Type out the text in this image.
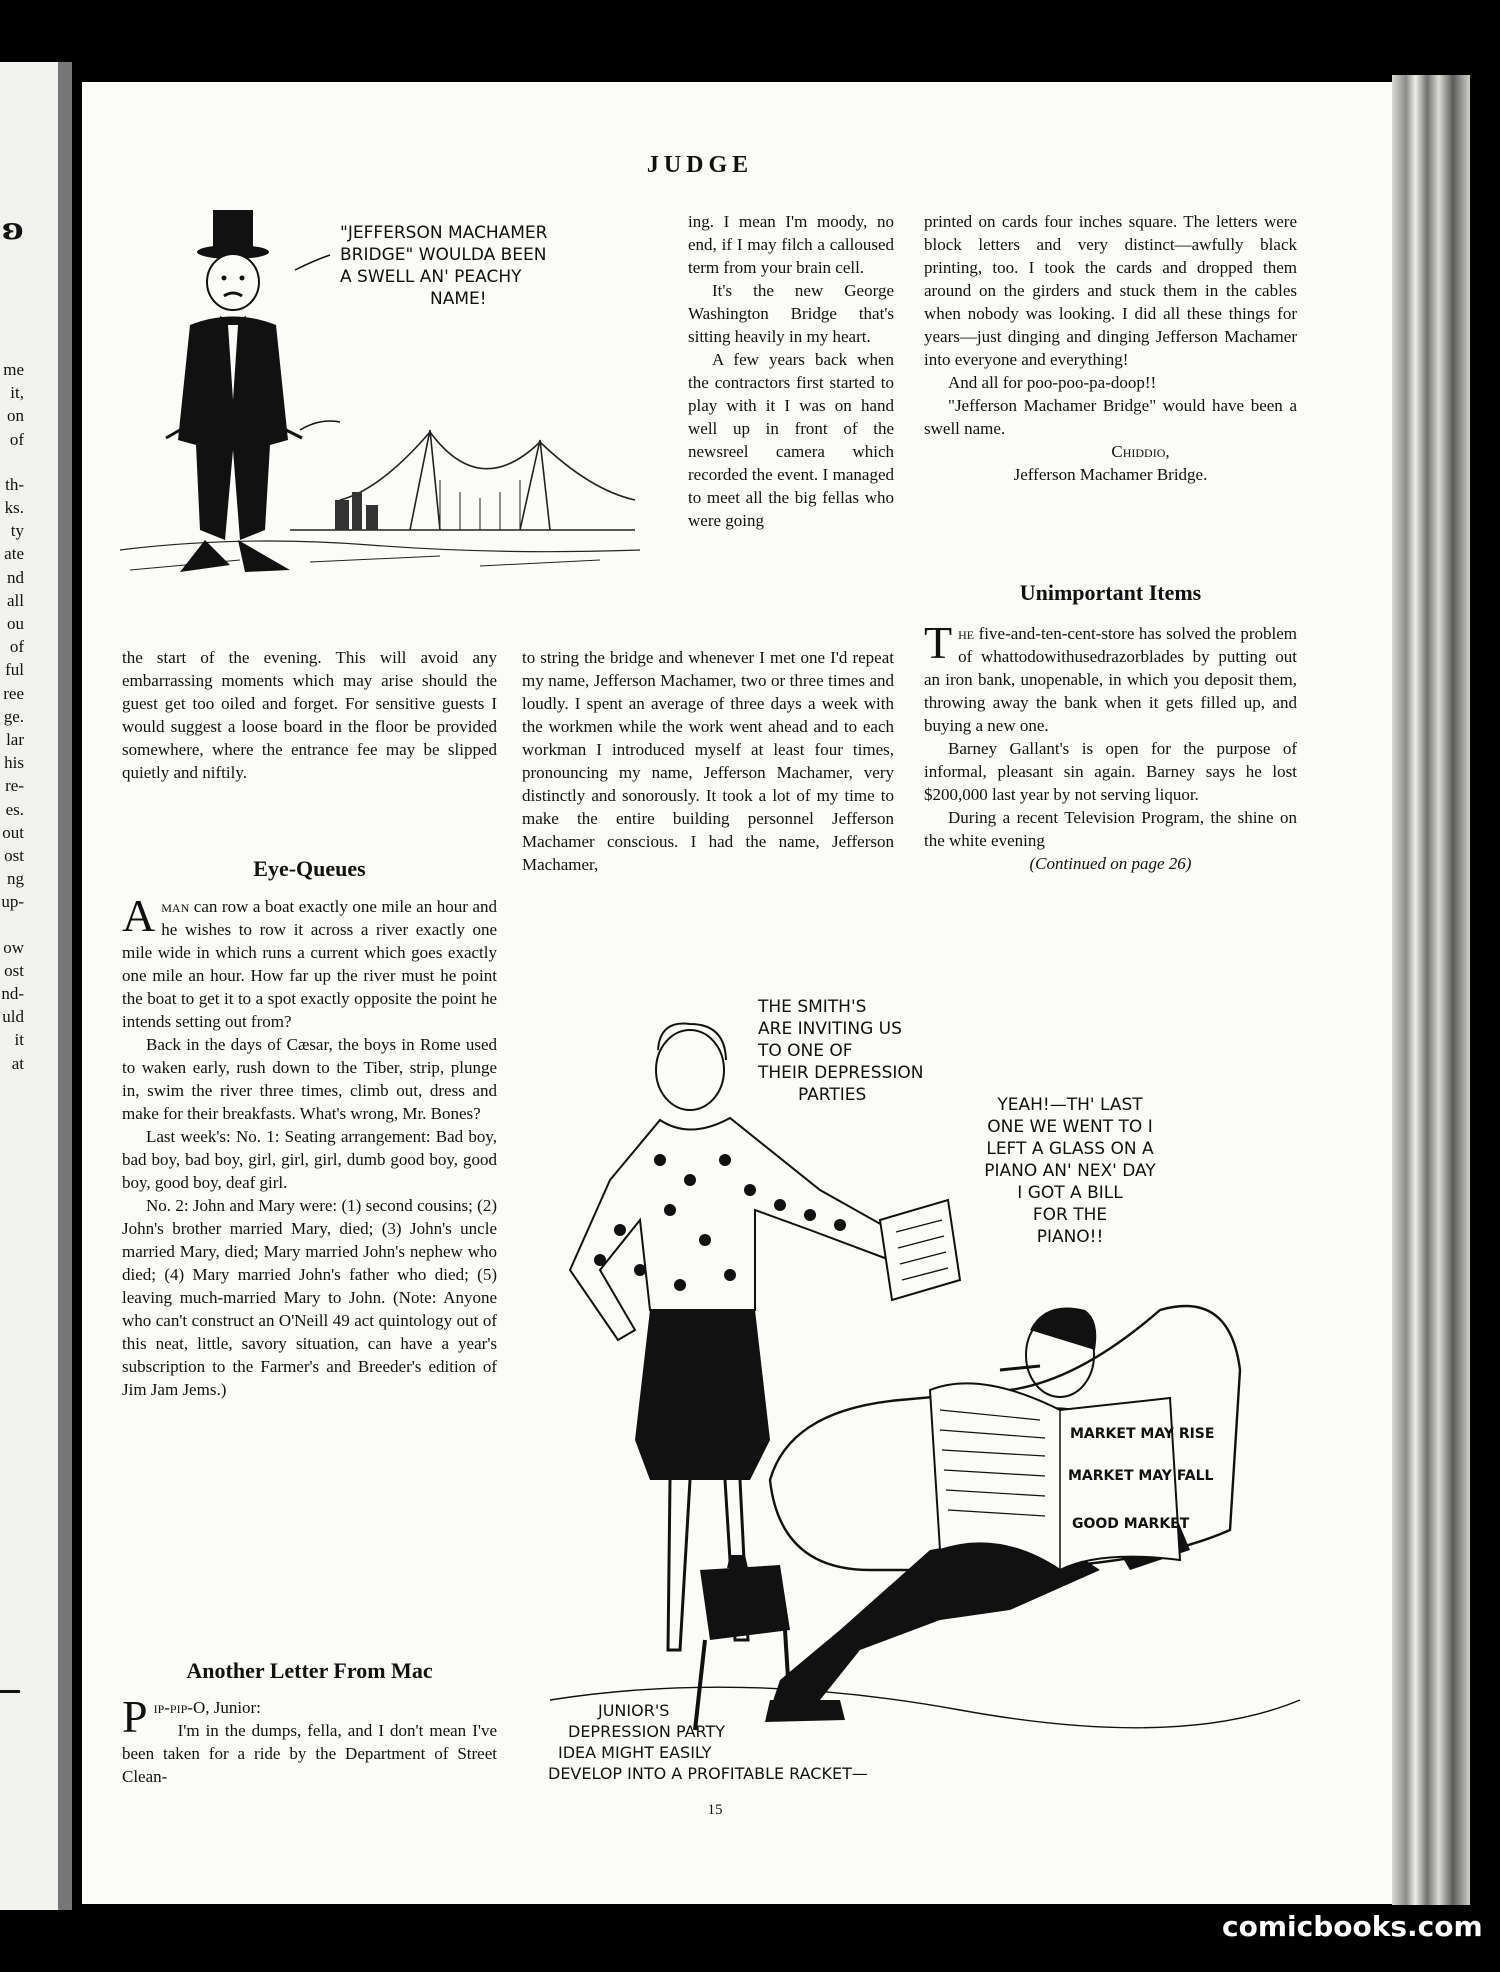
me
it,
on
of
th-
ks.
ty
ate
nd
all
ou
of
ful
ree
ge.
lar
his
re-
es.
out
ost
ng
up-
ow
ost
nd-
uld
it
at
ʚ
JUDGE
"JEFFERSON MACHAMER
BRIDGE" WOULDA BEEN
A SWELL AN' PEACHY
NAME!

the start of the evening. This will avoid any embarrassing moments which may arise should the guest get too oiled and forget. For sensitive guests I would suggest a loose board in the floor be provided somewhere, where the entrance fee may be slipped quietly and niftily.

Eye-Queues

Aman can row a boat exactly one mile an hour and he wishes to row it across a river exactly one mile wide in which runs a current which goes exactly one mile an hour. How far up the river must he point the boat to get it to a spot exactly opposite the point he intends setting out from?

Back in the days of Cæsar, the boys in Rome used to waken early, rush down to the Tiber, strip, plunge in, swim the river three times, climb out, dress and make for their breakfasts. What's wrong, Mr. Bones?

Last week's: No. 1: Seating arrangement: Bad boy, bad boy, bad boy, girl, girl, girl, dumb good boy, good boy, good boy, deaf girl.

No. 2: John and Mary were: (1) second cousins; (2) John's brother married Mary, died; (3) John's uncle married Mary, died; Mary married John's nephew who died; (4) Mary married John's father who died; (5) leaving much-married Mary to John. (Note: Anyone who can't construct an O'Neill 49 act quintology out of this neat, little, savory situation, can have a year's subscription to the Farmer's and Breeder's edition of Jim Jam Jems.)

Another Letter From Mac

Pip-pip-O, Junior:

I'm in the dumps, fella, and I don't mean I've been taken for a ride by the Department of Street Clean-

ing. I mean I'm moody, no end, if I may filch a calloused term from your brain cell.

It's the new George Washington Bridge that's sitting heavily in my heart.

A few years back when the contractors first started to play with it I was on hand well up in front of the newsreel camera which recorded the event. I managed to meet all the big fellas who were going

to string the bridge and whenever I met one I'd repeat my name, Jefferson Machamer, two or three times and loudly. I spent an average of three days a week with the workmen while the work went ahead and to each workman I introduced myself at least four times, pronouncing my name, Jefferson Machamer, very distinctly and sonorously. It took a lot of my time to make the entire building personnel Jefferson Machamer conscious. I had the name, Jefferson Machamer,

printed on cards four inches square. The letters were block letters and very distinct—awfully black printing, too. I took the cards and dropped them around on the girders and stuck them in the cables when nobody was looking. I did all these things for years—just dinging and dinging Jefferson Machamer into everyone and everything!

And all for poo-poo-pa-doop!!

"Jefferson Machamer Bridge" would have been a swell name.

Chiddio,

Jefferson Machamer Bridge.

Unimportant Items

The five-and-ten-cent-store has solved the problem of whattodowithusedrazorblades by putting out an iron bank, unopenable, in which you deposit them, throwing away the bank when it gets filled up, and buying a new one.

Barney Gallant's is open for the purpose of informal, pleasant sin again. Barney says he lost $200,000 last year by not serving liquor.

During a recent Television Program, the shine on the white evening

(Continued on page 26)

MARKET MAY RISE
MARKET MAY FALL
GOOD MARKET
THE SMITH'S
ARE INVITING US
TO ONE OF
THEIR DEPRESSION
PARTIES	YEAH!—TH' LAST
ONE WE WENT TO I
LEFT A GLASS ON A
PIANO AN' NEX' DAY
I GOT A BILL
FOR THE
PIANO!!
JUNIOR'S
DEPRESSION PARTY
IDEA MIGHT EASILY
DEVELOP INTO A PROFITABLE RACKET—
15
comicbooks.com
